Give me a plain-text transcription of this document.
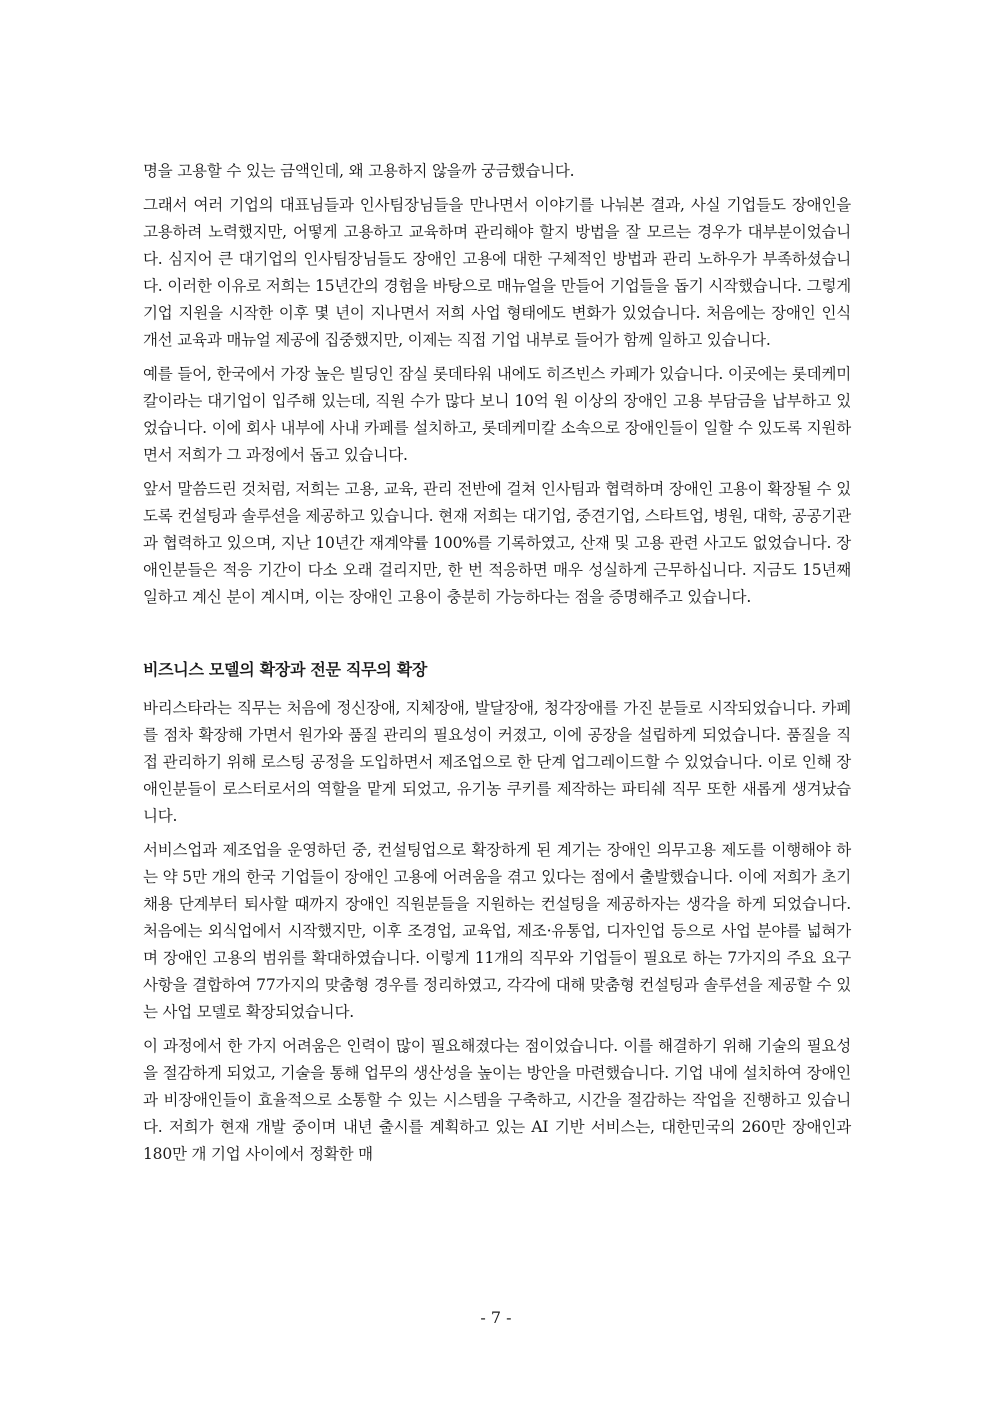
명을 고용할 수 있는 금액인데, 왜 고용하지 않을까 궁금했습니다.

그래서 여러 기업의 대표님들과 인사팀장님들을 만나면서 이야기를 나눠본 결과, 사실 기업들도 장애인을 고용하려 노력했지만, 어떻게 고용하고 교육하며 관리해야 할지 방법을 잘 모르는 경우가 대부분이었습니다. 심지어 큰 대기업의 인사팀장님들도 장애인 고용에 대한 구체적인 방법과 관리 노하우가 부족하셨습니다. 이러한 이유로 저희는 15년간의 경험을 바탕으로 매뉴얼을 만들어 기업들을 돕기 시작했습니다. 그렇게 기업 지원을 시작한 이후 몇 년이 지나면서 저희 사업 형태에도 변화가 있었습니다. 처음에는 장애인 인식 개선 교육과 매뉴얼 제공에 집중했지만, 이제는 직접 기업 내부로 들어가 함께 일하고 있습니다.

예를 들어, 한국에서 가장 높은 빌딩인 잠실 롯데타워 내에도 히즈빈스 카페가 있습니다. 이곳에는 롯데케미칼이라는 대기업이 입주해 있는데, 직원 수가 많다 보니 10억 원 이상의 장애인 고용 부담금을 납부하고 있었습니다. 이에 회사 내부에 사내 카페를 설치하고, 롯데케미칼 소속으로 장애인들이 일할 수 있도록 지원하면서 저희가 그 과정에서 돕고 있습니다.

앞서 말씀드린 것처럼, 저희는 고용, 교육, 관리 전반에 걸쳐 인사팀과 협력하며 장애인 고용이 확장될 수 있도록 컨설팅과 솔루션을 제공하고 있습니다. 현재 저희는 대기업, 중견기업, 스타트업, 병원, 대학, 공공기관과 협력하고 있으며, 지난 10년간 재계약률 100%를 기록하였고, 산재 및 고용 관련 사고도 없었습니다. 장애인분들은 적응 기간이 다소 오래 걸리지만, 한 번 적응하면 매우 성실하게 근무하십니다. 지금도 15년째 일하고 계신 분이 계시며, 이는 장애인 고용이 충분히 가능하다는 점을 증명해주고 있습니다.

비즈니스 모델의 확장과 전문 직무의 확장

바리스타라는 직무는 처음에 정신장애, 지체장애, 발달장애, 청각장애를 가진 분들로 시작되었습니다. 카페를 점차 확장해 가면서 원가와 품질 관리의 필요성이 커졌고, 이에 공장을 설립하게 되었습니다. 품질을 직접 관리하기 위해 로스팅 공정을 도입하면서 제조업으로 한 단계 업그레이드할 수 있었습니다. 이로 인해 장애인분들이 로스터로서의 역할을 맡게 되었고, 유기농 쿠키를 제작하는 파티쉐 직무 또한 새롭게 생겨났습니다.

서비스업과 제조업을 운영하던 중, 컨설팅업으로 확장하게 된 계기는 장애인 의무고용 제도를 이행해야 하는 약 5만 개의 한국 기업들이 장애인 고용에 어려움을 겪고 있다는 점에서 출발했습니다. 이에 저희가 초기 채용 단계부터 퇴사할 때까지 장애인 직원분들을 지원하는 컨설팅을 제공하자는 생각을 하게 되었습니다. 처음에는 외식업에서 시작했지만, 이후 조경업, 교육업, 제조·유통업, 디자인업 등으로 사업 분야를 넓혀가며 장애인 고용의 범위를 확대하였습니다. 이렇게 11개의 직무와 기업들이 필요로 하는 7가지의 주요 요구 사항을 결합하여 77가지의 맞춤형 경우를 정리하였고, 각각에 대해 맞춤형 컨설팅과 솔루션을 제공할 수 있는 사업 모델로 확장되었습니다.

이 과정에서 한 가지 어려움은 인력이 많이 필요해졌다는 점이었습니다. 이를 해결하기 위해 기술의 필요성을 절감하게 되었고, 기술을 통해 업무의 생산성을 높이는 방안을 마련했습니다. 기업 내에 설치하여 장애인과 비장애인들이 효율적으로 소통할 수 있는 시스템을 구축하고, 시간을 절감하는 작업을 진행하고 있습니다. 저희가 현재 개발 중이며 내년 출시를 계획하고 있는 AI 기반 서비스는, 대한민국의 260만 장애인과 180만 개 기업 사이에서 정확한 매

- 7 -
